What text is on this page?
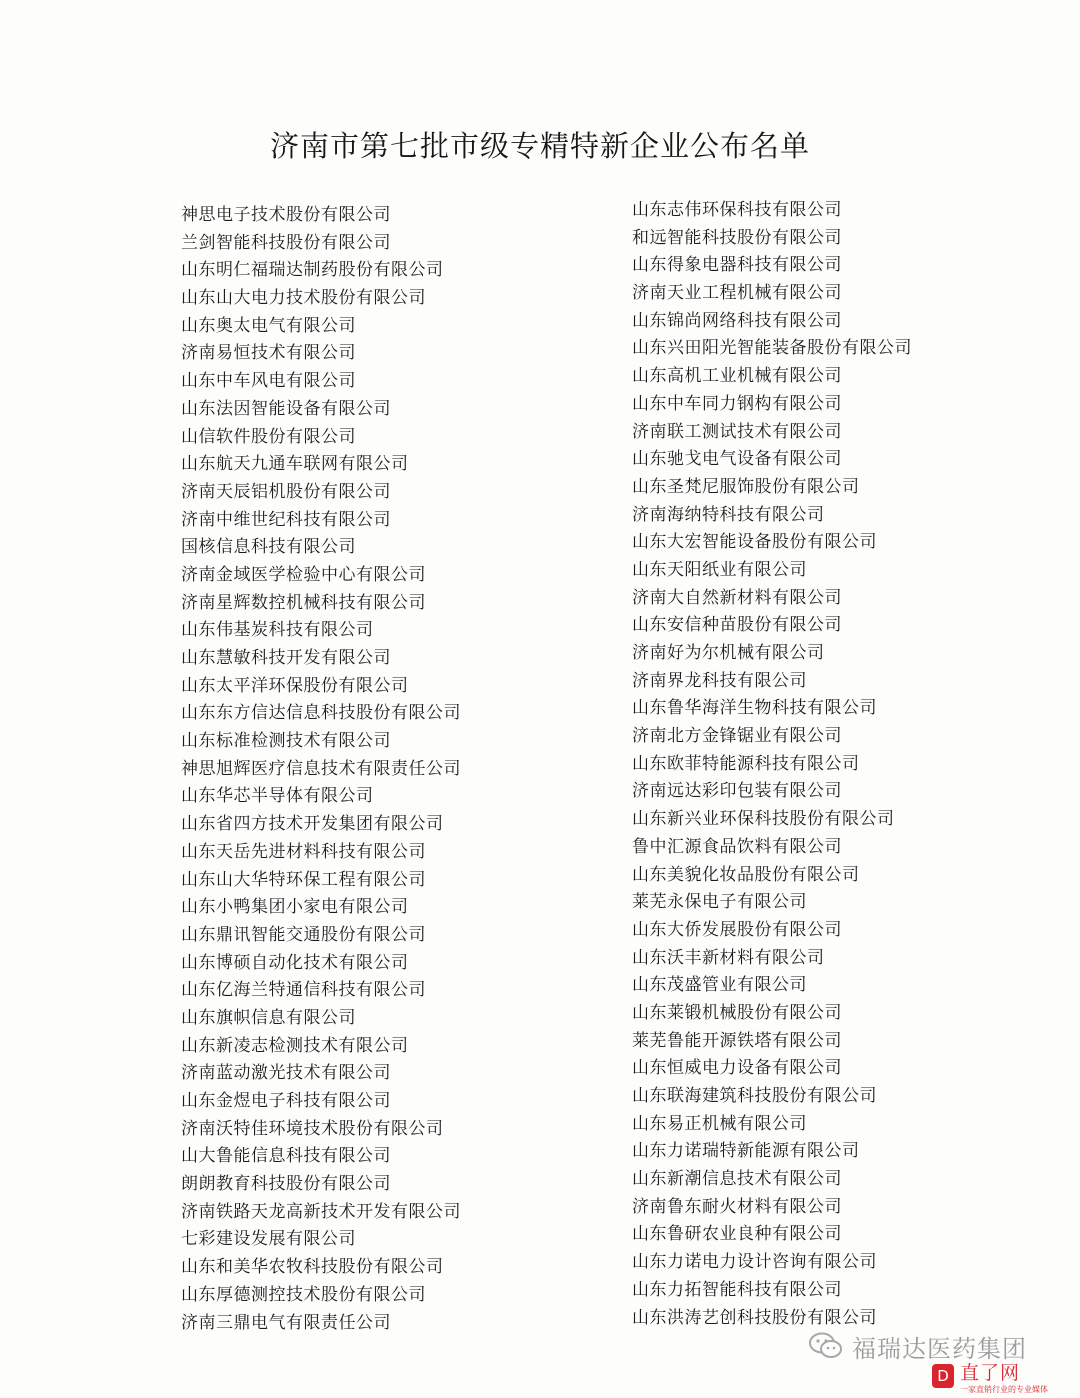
济南市第七批市级专精特新企业公布名单
神思电子技术股份有限公司
兰剑智能科技股份有限公司
山东明仁福瑞达制药股份有限公司
山东山大电力技术股份有限公司
山东奥太电气有限公司
济南易恒技术有限公司
山东中车风电有限公司
山东法因智能设备有限公司
山信软件股份有限公司
山东航天九通车联网有限公司
济南天辰铝机股份有限公司
济南中维世纪科技有限公司
国核信息科技有限公司
济南金域医学检验中心有限公司
济南星辉数控机械科技有限公司
山东伟基炭科技有限公司
山东慧敏科技开发有限公司
山东太平洋环保股份有限公司
山东东方信达信息科技股份有限公司
山东标准检测技术有限公司
神思旭辉医疗信息技术有限责任公司
山东华芯半导体有限公司
山东省四方技术开发集团有限公司
山东天岳先进材料科技有限公司
山东山大华特环保工程有限公司
山东小鸭集团小家电有限公司
山东鼎讯智能交通股份有限公司
山东博硕自动化技术有限公司
山东亿海兰特通信科技有限公司
山东旗帜信息有限公司
山东新凌志检测技术有限公司
济南蓝动激光技术有限公司
山东金煜电子科技有限公司
济南沃特佳环境技术股份有限公司
山大鲁能信息科技有限公司
朗朗教育科技股份有限公司
济南铁路天龙高新技术开发有限公司
七彩建设发展有限公司
山东和美华农牧科技股份有限公司
山东厚德测控技术股份有限公司
济南三鼎电气有限责任公司
山东志伟环保科技有限公司
和远智能科技股份有限公司
山东得象电器科技有限公司
济南天业工程机械有限公司
山东锦尚网络科技有限公司
山东兴田阳光智能装备股份有限公司
山东高机工业机械有限公司
山东中车同力钢构有限公司
济南联工测试技术有限公司
山东驰戈电气设备有限公司
山东圣梵尼服饰股份有限公司
济南海纳特科技有限公司
山东大宏智能设备股份有限公司
山东天阳纸业有限公司
济南大自然新材料有限公司
山东安信种苗股份有限公司
济南好为尔机械有限公司
济南界龙科技有限公司
山东鲁华海洋生物科技有限公司
济南北方金锋锯业有限公司
山东欧菲特能源科技有限公司
济南远达彩印包装有限公司
山东新兴业环保科技股份有限公司
鲁中汇源食品饮料有限公司
山东美貌化妆品股份有限公司
莱芜永保电子有限公司
山东大侨发展股份有限公司
山东沃丰新材料有限公司
山东茂盛管业有限公司
山东莱锻机械股份有限公司
莱芜鲁能开源铁塔有限公司
山东恒威电力设备有限公司
山东联海建筑科技股份有限公司
山东易正机械有限公司
山东力诺瑞特新能源有限公司
山东新潮信息技术有限公司
济南鲁东耐火材料有限公司
山东鲁研农业良种有限公司
山东力诺电力设计咨询有限公司
山东力拓智能科技有限公司
山东洪涛艺创科技股份有限公司
福瑞达医药集团
D 直了网
一家直销行业的专业媒体
